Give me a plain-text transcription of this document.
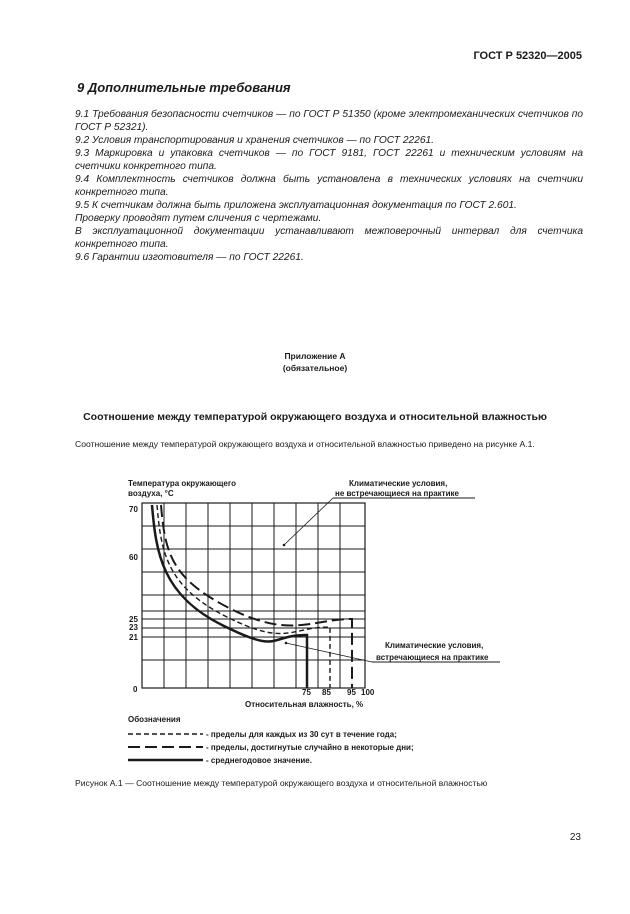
ГОСТ Р 52320—2005
9 Дополнительные требования

9.1 Требования безопасности счетчиков — по ГОСТ Р 51350 (кроме электромеханических счетчиков по ГОСТ Р 52321).

9.2 Условия транспортирования и хранения счетчиков — по ГОСТ 22261.

9.3 Маркировка и упаковка счетчиков — по ГОСТ 9181, ГОСТ 22261 и техническим условиям на счетчики конкретного типа.

9.4 Комплектность счетчиков должна быть установлена в технических условиях на счетчики конкретного типа.

9.5 К счетчикам должна быть приложена эксплуатационная документация по ГОСТ 2.601.

Проверку проводят путем сличения с чертежами.

В эксплуатационной документации устанавливают межповерочный интервал для счетчика конкретного типа.

9.6 Гарантии изготовителя — по ГОСТ 22261.

Приложение А
(обязательное)
Соотношение между температурой окружающего воздуха и относительной влажностью
Соотношение между температурой окружающего воздуха и относительной влажностью приведено на рисунке А.1.
Температура окружающего
воздуха, °С
70
60
25
23
21
0	75 85 95 100
Относительная влажность, %
Климатические условия,
не встречающиеся на практике
Климатические условия,
встречающиеся на практике
Обозначения
- пределы для каждых из 30 сут в течение года;
- пределы, достигнутые случайно в некоторые дни;
- среднегодовое значение.
Рисунок А.1 — Соотношение между температурой окружающего воздуха и относительной влажностью
23
